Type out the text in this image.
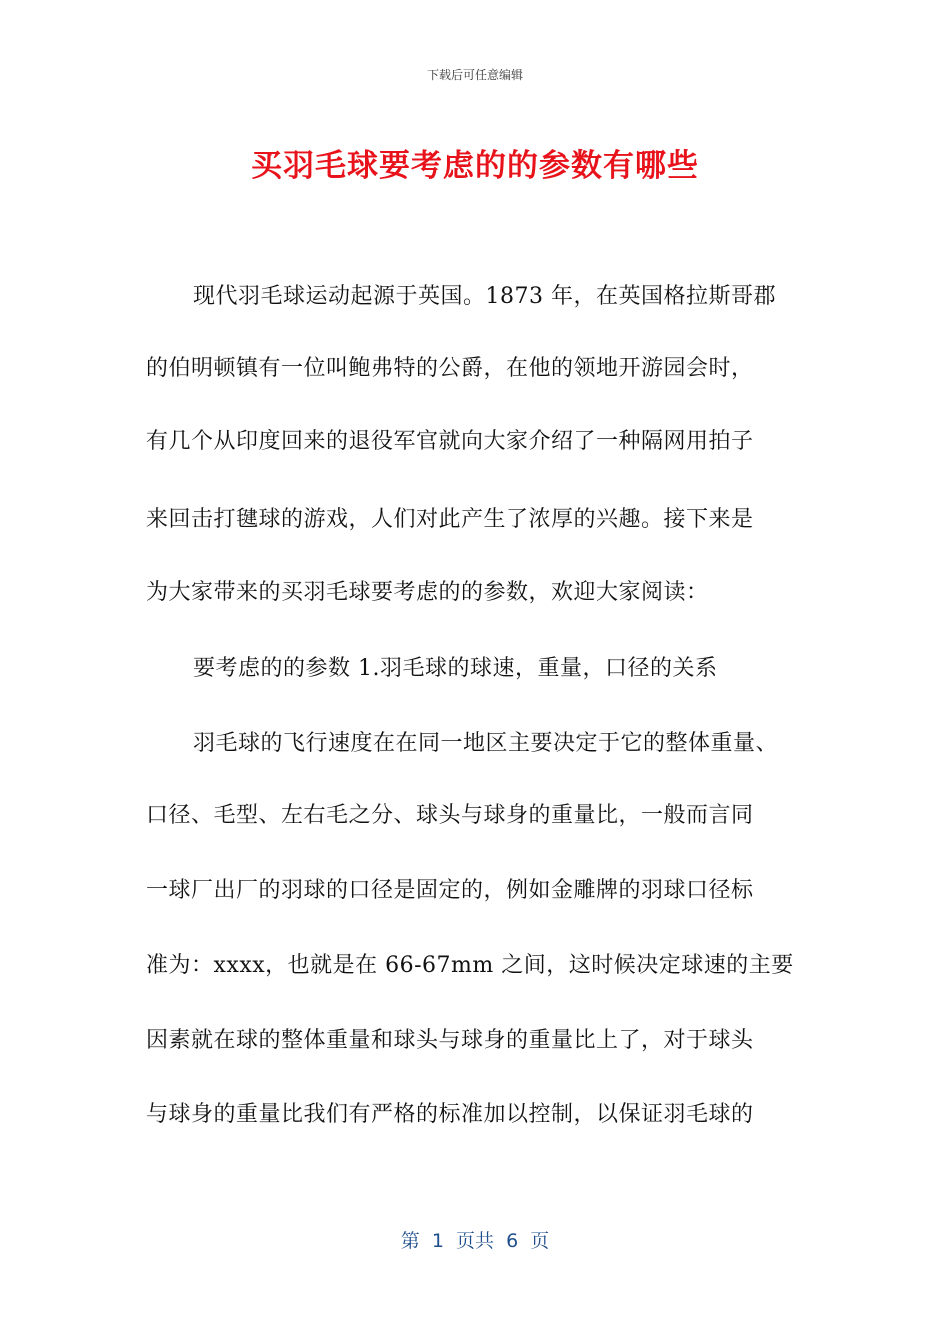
下载后可任意编辑
买羽毛球要考虑的的参数有哪些
现代羽毛球运动起源于英国。1873 年，在英国格拉斯哥郡
的伯明顿镇有一位叫鲍弗特的公爵，在他的领地开游园会时，
有几个从印度回来的退役军官就向大家介绍了一种隔网用拍子
来回击打毽球的游戏，人们对此产生了浓厚的兴趣。接下来是
为大家带来的买羽毛球要考虑的的参数，欢迎大家阅读：
要考虑的的参数 1.羽毛球的球速，重量，口径的关系
羽毛球的飞行速度在在同一地区主要决定于它的整体重量、
口径、毛型、左右毛之分、球头与球身的重量比，一般而言同
一球厂出厂的羽球的口径是固定的，例如金雕牌的羽球口径标
准为：xxxx，也就是在 66-67mm 之间，这时候决定球速的主要
因素就在球的整体重量和球头与球身的重量比上了，对于球头
与球身的重量比我们有严格的标准加以控制，以保证羽毛球的
第  1  页共  6  页
